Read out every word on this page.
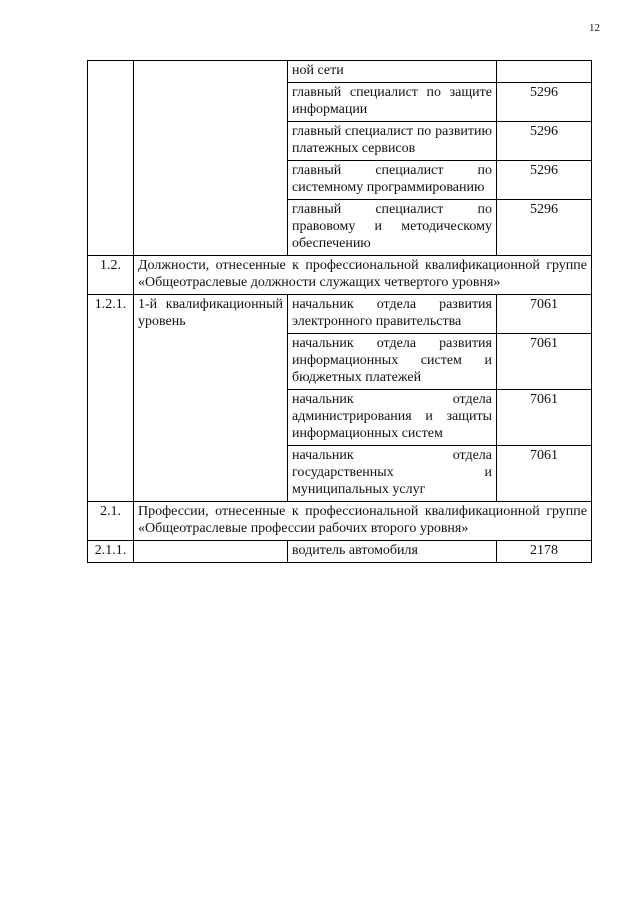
12
		ной сети	
		главный специалист по защите информации	5296
		главный специалист по развитию платежных сервисов	5296
		главный специалист по системному программированию	5296
		главный специалист по правовому и методическому обеспечению	5296
1.2.	Должности, отнесенные к профессиональной квалификационной группе «Общеотраслевые должности служащих четвертого уровня»		
1.2.1.	1-й квалификационный уровень	начальник отдела развития электронного правительства	7061
		начальник отдела развития информационных систем и бюджетных платежей	7061
		начальник отдела администрирования и защиты информационных систем	7061
		начальник отдела государственных и муниципальных услуг	7061
2.1.	Профессии, отнесенные к профессиональной квалификационной группе «Общеотраслевые профессии рабочих второго уровня»		
2.1.1.		водитель автомобиля	2178
